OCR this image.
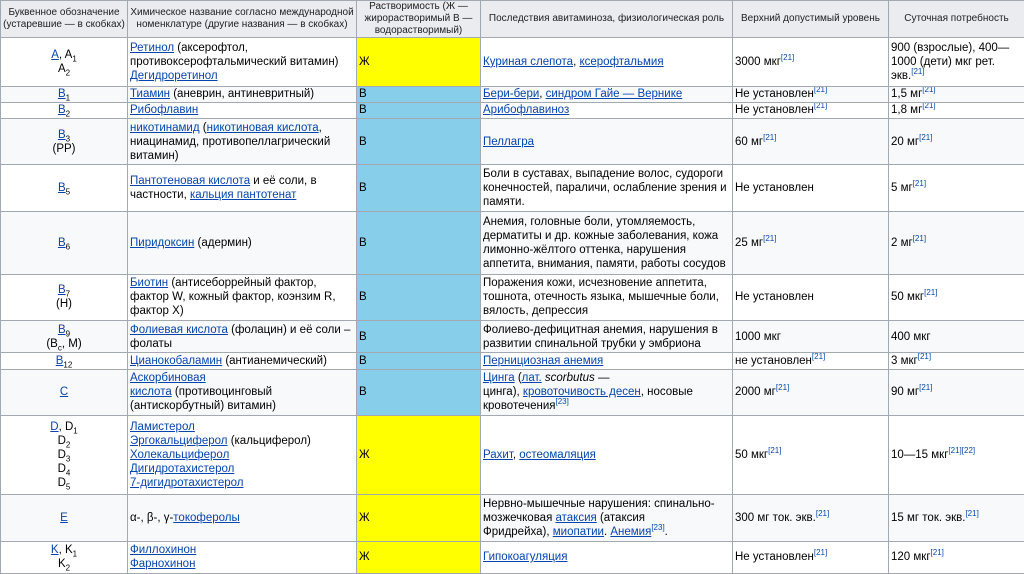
Буквенное обозначение (устаревшие — в скобках)	Химическое название согласно международной номенклатуре (другие названия — в скобках)	Растворимость (Ж — жирорастворимый В — водорастворимый)	Последствия авитаминоза, физиологическая роль	Верхний допустимый уровень	Суточная потребность

A, $A_1$
$A_2$	Ретинол (аксерофтол,
противоксерофтальмический витамин)
Дегидроретинол	Ж	Куриная слепота, ксерофтальмия	3000 мкг[21]	900 (взрослые), 400—
1000 (дети) мкг рет.
экв.[21]

$B_1$	Тиамин (аневрин, антиневритный)	В	Бери-бери, синдром Гайе — Вернике	Не установлен[21]	1,5 мг[21]

$B_2$	Рибофлавин	В	Арибофлавиноз	Не установлен[21]	1,8 мг[21]

$B_3$
(PP)	никотинамид (никотиновая кислота,
ниацинамид, противопеллагрический
витамин)	В	Пеллагра	60 мг[21]	20 мг[21]

$B_5$	Пантотеновая кислота и её соли, в
частности, кальция пантотенат	В	Боли в суставах, выпадение волос, судороги
конечностей, параличи, ослабление зрения и
памяти.	Не установлен	5 мг[21]

$B_6$	Пиридоксин (адермин)	В	Анемия, головные боли, утомляемость,
дерматиты и др. кожные заболевания, кожа
лимонно-жёлтого оттенка, нарушения
аппетита, внимания, памяти, работы сосудов	25 мг[21]	2 мг[21]

$B_7$
(H)	Биотин (антисеборрейный фактор,
фактор W, кожный фактор, коэнзим R,
фактор X)	В	Поражения кожи, исчезновение аппетита,
тошнота, отечность языка, мышечные боли,
вялость, депрессия	Не установлен	50 мкг[21]

$B_9$
($B_c$, M)	Фолиевая кислота (фолацин) и её соли –
фолаты	В	Фолиево-дефицитная анемия, нарушения в
развитии спинальной трубки у эмбриона	1000 мкг	400 мкг

$B_{12}$	Цианокобаламин (антианемический)	В	Пернициозная анемия	не установлен[21]	3 мкг[21]

C	Аскорбиновая
кислота (противоцинговый
(антискорбутный) витамин)	В	Цинга (лат. scorbutus —
цинга), кровоточивость десен, носовые
кровотечения[23]	2000 мг[21]	90 мг[21]

D, $D_1$
$D_2$
$D_3$
$D_4$
$D_5$	Ламистерол
Эргокальциферол (кальциферол)
Холекальциферол
Дигидротахистерол
7-дигидротахистерол	Ж	Рахит, остеомаляция	50 мкг[21]	10—15 мкг[21][22]

E	α-, β-, γ-токоферолы	Ж	Нервно-мышечные нарушения: спинально-
мозжечковая атаксия (атаксия
Фридрейха), миопатии. Анемия[23].	300 мг ток. экв.[21]	15 мг ток. экв.[21]

K, $K_1$
$K_2$	Филлохинон
Фарнохинон	Ж	Гипокоагуляция	Не установлен[21]	120 мкг[21]
